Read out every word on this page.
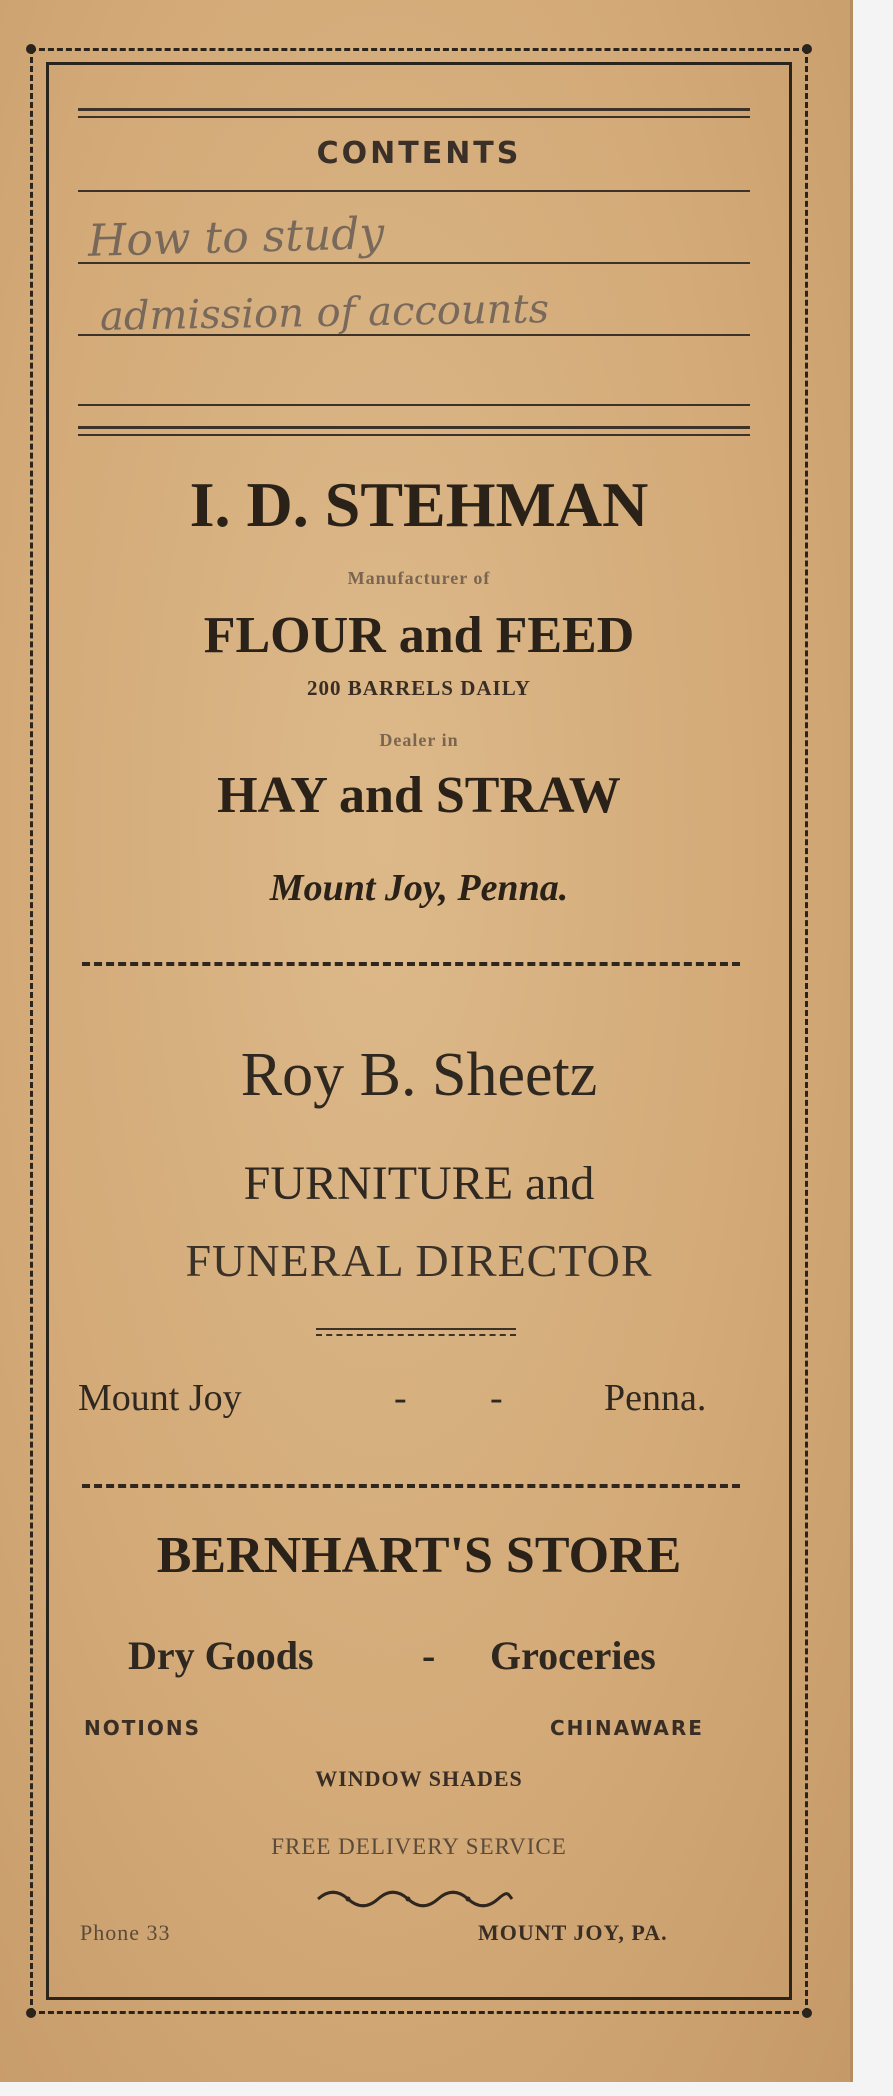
CONTENTS
How to study
admission of accounts
I. D. STEHMAN
Manufacturer of
FLOUR and FEED
200 BARRELS DAILY
Dealer in
HAY and STRAW
Mount Joy, Penna.
Roy B. Sheetz
FURNITURE and
FUNERAL DIRECTOR
Mount Joy	- -	Penna.
BERNHART'S STORE
Dry Goods	- Groceries
NOTIONS	CHINAWARE
WINDOW SHADES
FREE DELIVERY SERVICE
Phone 33	MOUNT JOY, PA.
